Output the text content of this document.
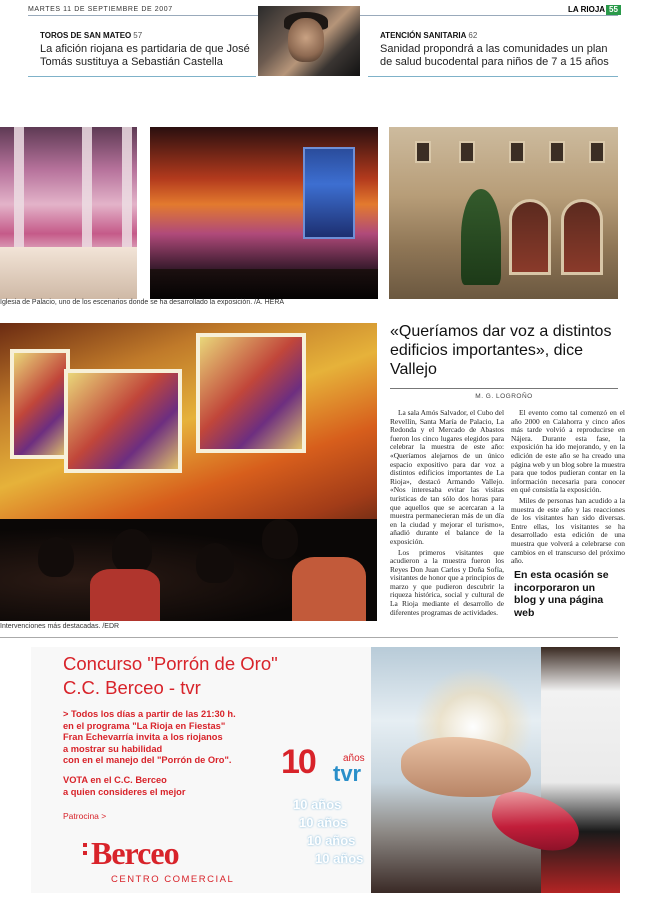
MARTES 11 DE SEPTIEMBRE DE 2007	LA RIOJA 55
TOROS DE SAN MATEO 57
La afición riojana es partidaria de que José Tomás sustituya a Sebastián Castella
ATENCIÓN SANITARIA 62
Sanidad propondrá a las comunidades un plan de salud bucodental para niños de 7 a 15 años
Iglesia de Palacio, uno de los escenarios donde se ha desarrollado la exposición. /A. HERA
Intervenciones más destacadas. /EDR
«Queríamos dar voz a distintos edificios importantes», dice Vallejo
M. G. LOGROÑO

La sala Amós Salvador, el Cubo del Revellín, Santa María de Palacio, La Redonda y el Mercado de Abastos fueron los cinco lugares elegidos para celebrar la muestra de este año: «Queríamos alejarnos de un único espacio expositivo para dar voz a distintos edificios importantes de La Rioja», destacó Armando Vallejo. «Nos interesaba evitar las visitas turísticas de tan sólo dos horas para que aquellos que se acercaran a la muestra permanecieran más de un día en la ciudad y mejorar el turismo», añadió durante el balance de la exposición.

Los primeros visitantes que acudieron a la muestra fueron los Reyes Don Juan Carlos y Doña Sofía, visitantes de honor que a principios de marzo y que pudieron descubrir la riqueza histórica, social y cultural de La Rioja mediante el desarrollo de diferentes programas de actividades.

El evento como tal comenzó en el año 2000 en Calahorra y cinco años más tarde volvió a reproducirse en Nájera. Durante esta fase, la exposición ha ido mejorando, y en la edición de este año se ha creado una página web y un blog sobre la muestra para que todos pudieran contar en la información necesaria para conocer en qué consistía la exposición.

Miles de personas han acudido a la muestra de este año y las reacciones de los visitantes han sido diversas. Entre ellas, los visitantes se ha desarrollado esta edición de una muestra que volverá a celebrarse con cambios en el transcurso del próximo año.

En esta ocasión se incorporaron un blog y una página web
Concurso "Porrón de Oro"
C.C. Berceo - tvr
> Todos los días a partir de las 21:30 h.
en el programa "La Rioja en Fiestas"
Fran Echevarría invita a los riojanos
a mostrar su habilidad
con en el manejo del "Porrón de Oro".
VOTA en el C.C. Berceo
a quien consideres el mejor
Patrocina >
Berceo
CENTRO COMERCIAL
10	años
tvr
10 años
10 años
10 años
10 años
